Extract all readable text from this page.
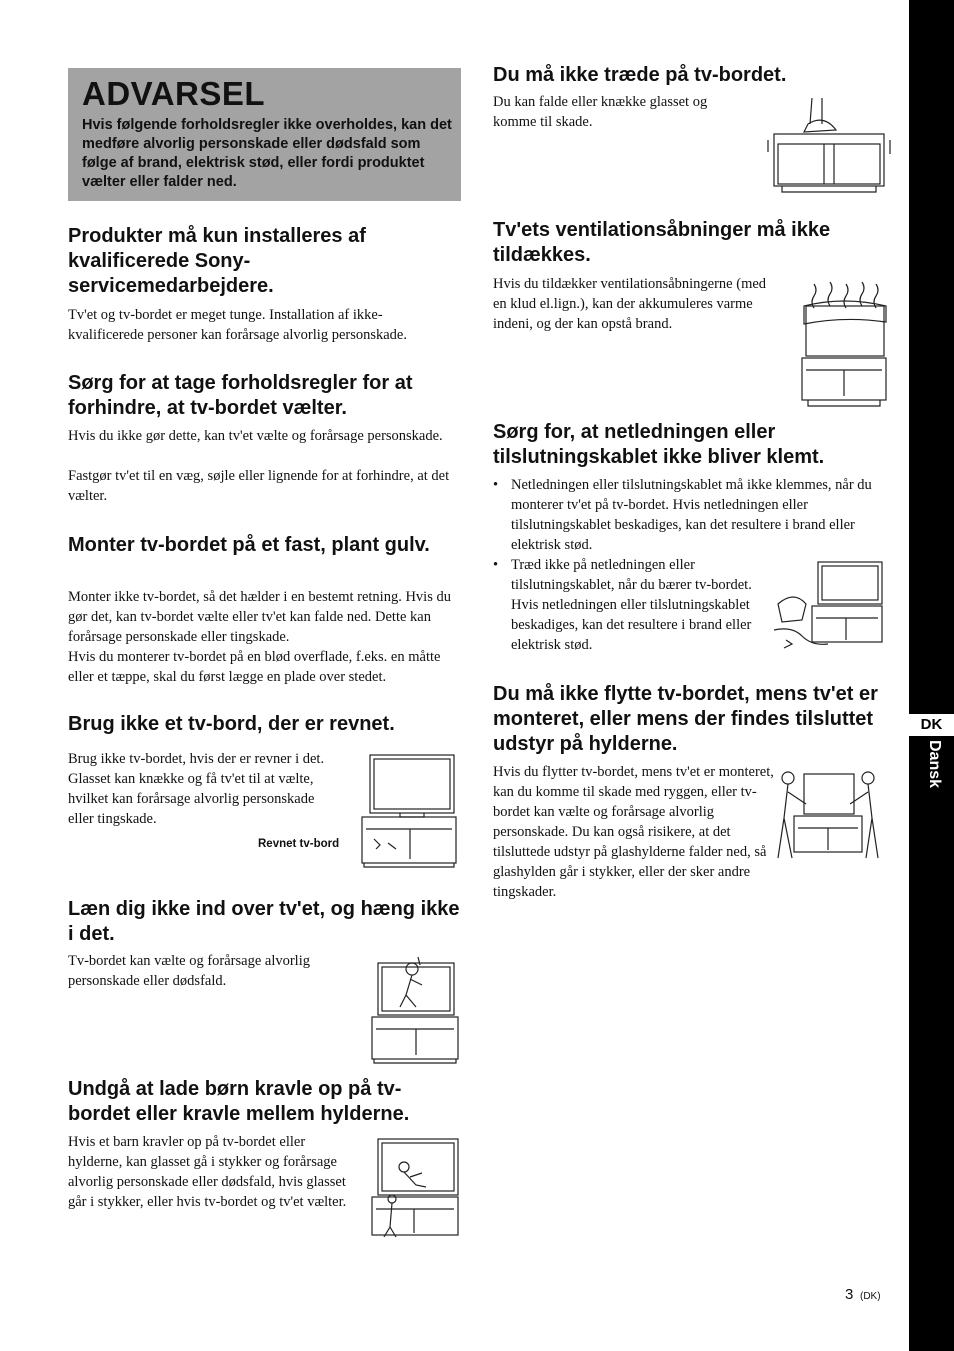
ADVARSEL
Hvis følgende forholdsregler ikke overholdes, kan det medføre alvorlig personskade eller dødsfald som følge af brand, elektrisk stød, eller fordi produktet vælter eller falder ned.
Produkter må kun installeres af kvalificerede Sony-servicemedarbejdere.

Tv'et og tv-bordet er meget tunge. Installation af ikke-kvalificerede personer kan forårsage alvorlig personskade.

Sørg for at tage forholdsregler for at forhindre, at tv-bordet vælter.

Hvis du ikke gør dette, kan tv'et vælte og forårsage personskade.

Fastgør tv'et til en væg, søjle eller lignende for at forhindre, at det vælter.

Monter tv-bordet på et fast, plant gulv.

Monter ikke tv-bordet, så det hælder i en bestemt retning. Hvis du gør det, kan tv-bordet vælte eller tv'et kan falde ned. Dette kan forårsage personskade eller tingskade.

Hvis du monterer tv-bordet på en blød overflade, f.eks. en måtte eller et tæppe, skal du først lægge en plade over stedet.

Brug ikke et tv-bord, der er revnet.

Brug ikke tv-bordet, hvis der er revner i det. Glasset kan knække og få tv'et til at vælte, hvilket kan forårsage alvorlig personskade eller tingskade.

Revnet tv-bord
Læn dig ikke ind over tv'et, og hæng ikke i det.

Tv-bordet kan vælte og forårsage alvorlig personskade eller dødsfald.

Undgå at lade børn kravle op på tv-bordet eller kravle mellem hylderne.

Hvis et barn kravler op på tv-bordet eller hylderne, kan glasset gå i stykker og forårsage alvorlig personskade eller dødsfald, hvis glasset går i stykker, eller hvis tv-bordet og tv'et vælter.

Du må ikke træde på tv-bordet.

Du kan falde eller knække glasset og komme til skade.

Tv'ets ventilationsåbninger må ikke tildækkes.

Hvis du tildækker ventilationsåbningerne (med en klud el.lign.), kan der akkumuleres varme indeni, og der kan opstå brand.

Sørg for, at netledningen eller tilslutningskablet ikke bliver klemt.
• Netledningen eller tilslutningskablet må ikke klemmes, når du monterer tv'et på tv-bordet. Hvis netledningen eller tilslutningskablet beskadiges, kan det resultere i brand eller elektrisk stød.
• Træd ikke på netledningen eller tilslutningskablet, når du bærer tv-bordet. Hvis netledningen eller tilslutningskablet beskadiges, kan det resultere i brand eller elektrisk stød.
Du må ikke flytte tv-bordet, mens tv'et er monteret, eller mens der findes tilsluttet udstyr på hylderne.

Hvis du flytter tv-bordet, mens tv'et er monteret, kan du komme til skade med ryggen, eller tv-bordet kan vælte og forårsage alvorlig personskade. Du kan også risikere, at det tilsluttede udstyr på glashylderne falder ned, så glashylden går i stykker, eller der sker andre tingskader.

DK
Dansk
3 (DK)
